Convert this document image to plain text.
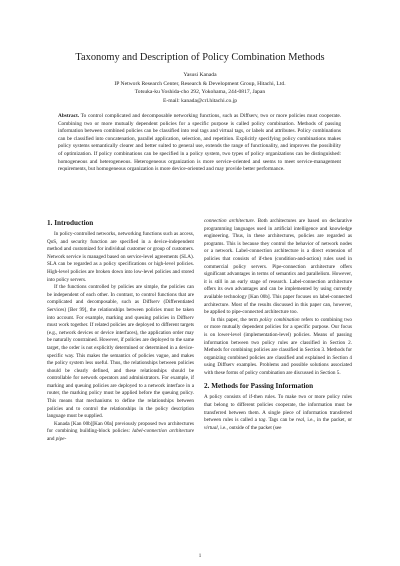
Taxonomy and Description of Policy Combination Methods
Yasusi Kanada
IP Network Research Center, Research & Development Group, Hitachi, Ltd.
Totsuka-ku Yoshida-cho 292, Yokohama, 244-0817, Japan
E-mail: kanada@crl.hitachi.co.jp
Abstract. To control complicated and decomposable networking functions, such as Diffserv, two or more policies must cooperate. Combining two or more mutually dependent policies for a specific purpose is called policy combination. Methods of passing information between combined policies can be classified into real tags and virtual tags, or labels and attributes. Policy combinations can be classified into concatenation, parallel application, selection, and repetition. Explicitly specifying policy combinations makes policy systems semantically clearer and better suited to general use, extends the range of functionality, and improves the possibility of optimization. If policy combinations can be specified in a policy system, two types of policy organizations can be distinguished: homogeneous and heterogeneous. Heterogeneous organization is more service-oriented and seems to meet service-management requirements, but homogeneous organization is more device-oriented and may provide better performance.
1. Introduction

In policy-controlled networks, networking functions such as access, QoS, and security function are specified in a device-independent method and customized for individual customer or group of customers. Network service is managed based on service-level agreements (SLA). SLA can be regarded as a policy specifications or high-level policies. High-level policies are broken down into low-level policies and stored into policy servers.

If the functions controlled by policies are simple, the policies can be independent of each other. In contrast, to control functions that are complicated and decomposable, such as Diffserv (Differentiated Services) [Ber 99], the relationships between policies must be taken into account. For example, marking and queuing policies in Diffserv must work together. If related policies are deployed to different targets (e.g., network devices or device interfaces), the application order may be naturally constrained. However, if policies are deployed to the same target, the order is not explicitly determined or determined in a device-specific way. This makes the semantics of policies vague, and makes the policy system less useful. Thus, the relationships between policies should be clearly defined, and these relationships should be controllable for network operators and administrators. For example, if marking and queuing policies are deployed to a network interface in a router, the marking policy must be applied before the queuing policy. This means that mechanisms to define the relationships between policies and to control the relationships in the policy description language must be supplied.

Kanada [Kan 00b][Kan 00a] previously proposed two architectures for combining building-block policies: label-connection architecture and pipe-

connection architecture. Both architectures are based on declarative programming languages used in artificial intelligence and knowledge engineering. Thus, in these architectures, policies are regarded as programs. This is because they control the behavior of network nodes or a network. Label-connection architecture is a direct extension of policies that consists of if-then (condition-and-action) rules used in commercial policy servers. Pipe-connection architecture offers significant advantages in terms of semantics and parallelism. However, it is still in an early stage of research. Label-connection architecture offers its own advantages and can be implemented by using currently available technology [Kan 00b]. This paper focuses on label-connected architecture. Most of the results discussed in this paper can, however, be applied to pipe-connected architecture too.

In this paper, the term policy combination refers to combining two or more mutually dependent policies for a specific purpose. Our focus is on lower-level (implementation-level) policies. Means of passing information between two policy rules are classified in Section 2. Methods for combining policies are classified in Section 3. Methods for organizing combined policies are classified and explained in Section 4 using Diffserv examples. Problems and possible solutions associated with these forms of policy combination are discussed in Section 5.

2. Methods for Passing Information

A policy consists of if-then rules. To make two or more policy rules that belong to different policies cooperate, the information must be transferred between them. A single piece of information transferred between rules is called a tag. Tags can be real, i.e., in the packet, or virtual, i.e., outside of the packet (see

1
